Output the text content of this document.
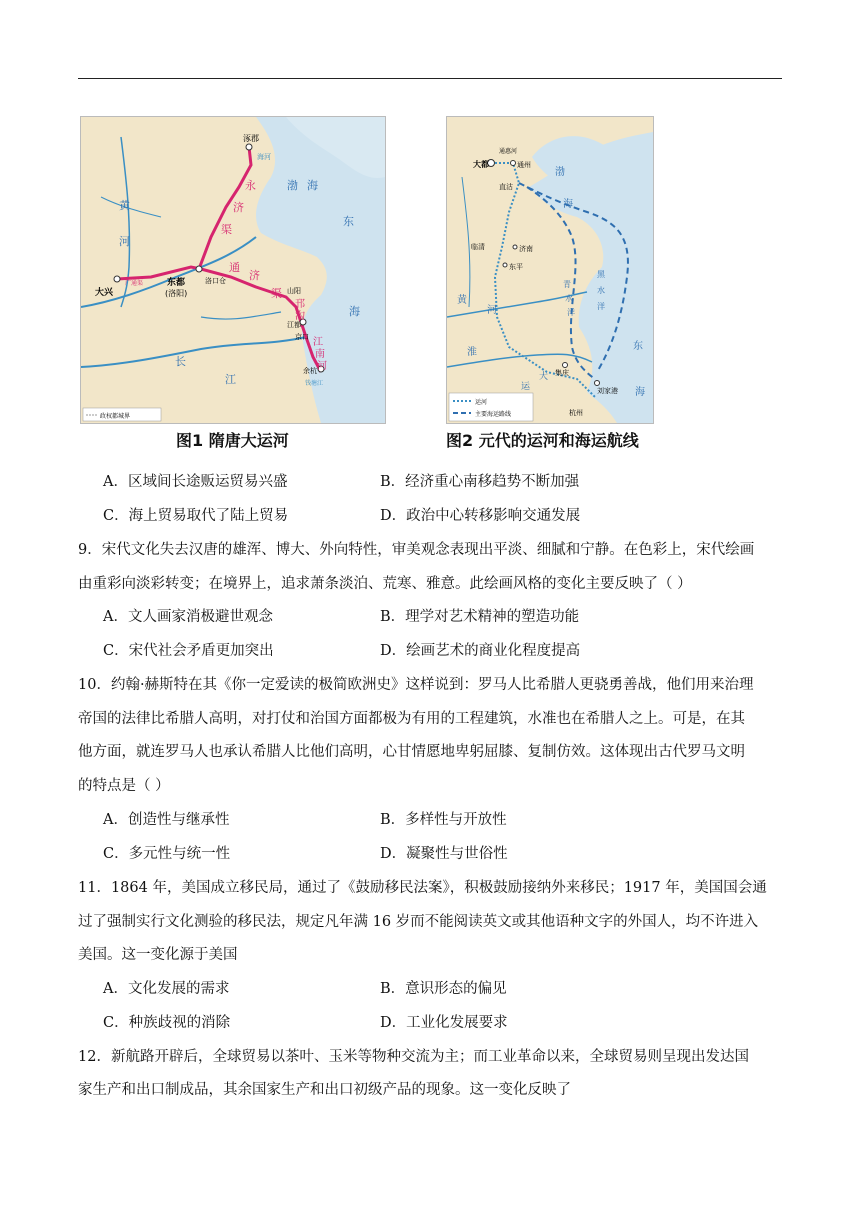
涿郡
海河
渤 海
黄
河
东
海
永
济
渠
大兴
广通渠	东都
(洛阳)
洛口仓
通
济
渠 山阳
邗
沟
江都
京口 江
南
河
余杭
钱塘江
长
江
政权都城界
图1 隋唐大运河
通惠河
大都	通州
直沽
渤
海
临清	济南
东平
黄
河
淮
青
黑
水
水
洋
洋
东
海
集庆
刘家港
杭州
大
运
运河
主要海运路线
图2 元代的运河和海运航线
A．区域间长途贩运贸易兴盛	B．经济重心南移趋势不断加强
C．海上贸易取代了陆上贸易	D．政治中心转移影响交通发展
9．宋代文化失去汉唐的雄浑、博大、外向特性，审美观念表现出平淡、细腻和宁静。在色彩上，宋代绘画
由重彩向淡彩转变；在境界上，追求萧条淡泊、荒寒、雅意。此绘画风格的变化主要反映了（ ）
A．文人画家消极避世观念	B．理学对艺术精神的塑造功能
C．宋代社会矛盾更加突出	D．绘画艺术的商业化程度提高
10．约翰·赫斯特在其《你一定爱读的极简欧洲史》这样说到：罗马人比希腊人更骁勇善战，他们用来治理
帝国的法律比希腊人高明，对打仗和治国方面都极为有用的工程建筑，水准也在希腊人之上。可是，在其
他方面，就连罗马人也承认希腊人比他们高明，心甘情愿地卑躬屈膝、复制仿效。这体现出古代罗马文明
的特点是（ ）
A．创造性与继承性	B．多样性与开放性
C．多元性与统一性	D．凝聚性与世俗性
11．1864 年，美国成立移民局，通过了《鼓励移民法案》，积极鼓励接纳外来移民；1917 年，美国国会通
过了强制实行文化测验的移民法，规定凡年满 16 岁而不能阅读英文或其他语种文字的外国人，均不许进入
美国。这一变化源于美国
A．文化发展的需求	B．意识形态的偏见
C．种族歧视的消除	D．工业化发展要求
12．新航路开辟后，全球贸易以茶叶、玉米等物种交流为主；而工业革命以来，全球贸易则呈现出发达国
家生产和出口制成品，其余国家生产和出口初级产品的现象。这一变化反映了
